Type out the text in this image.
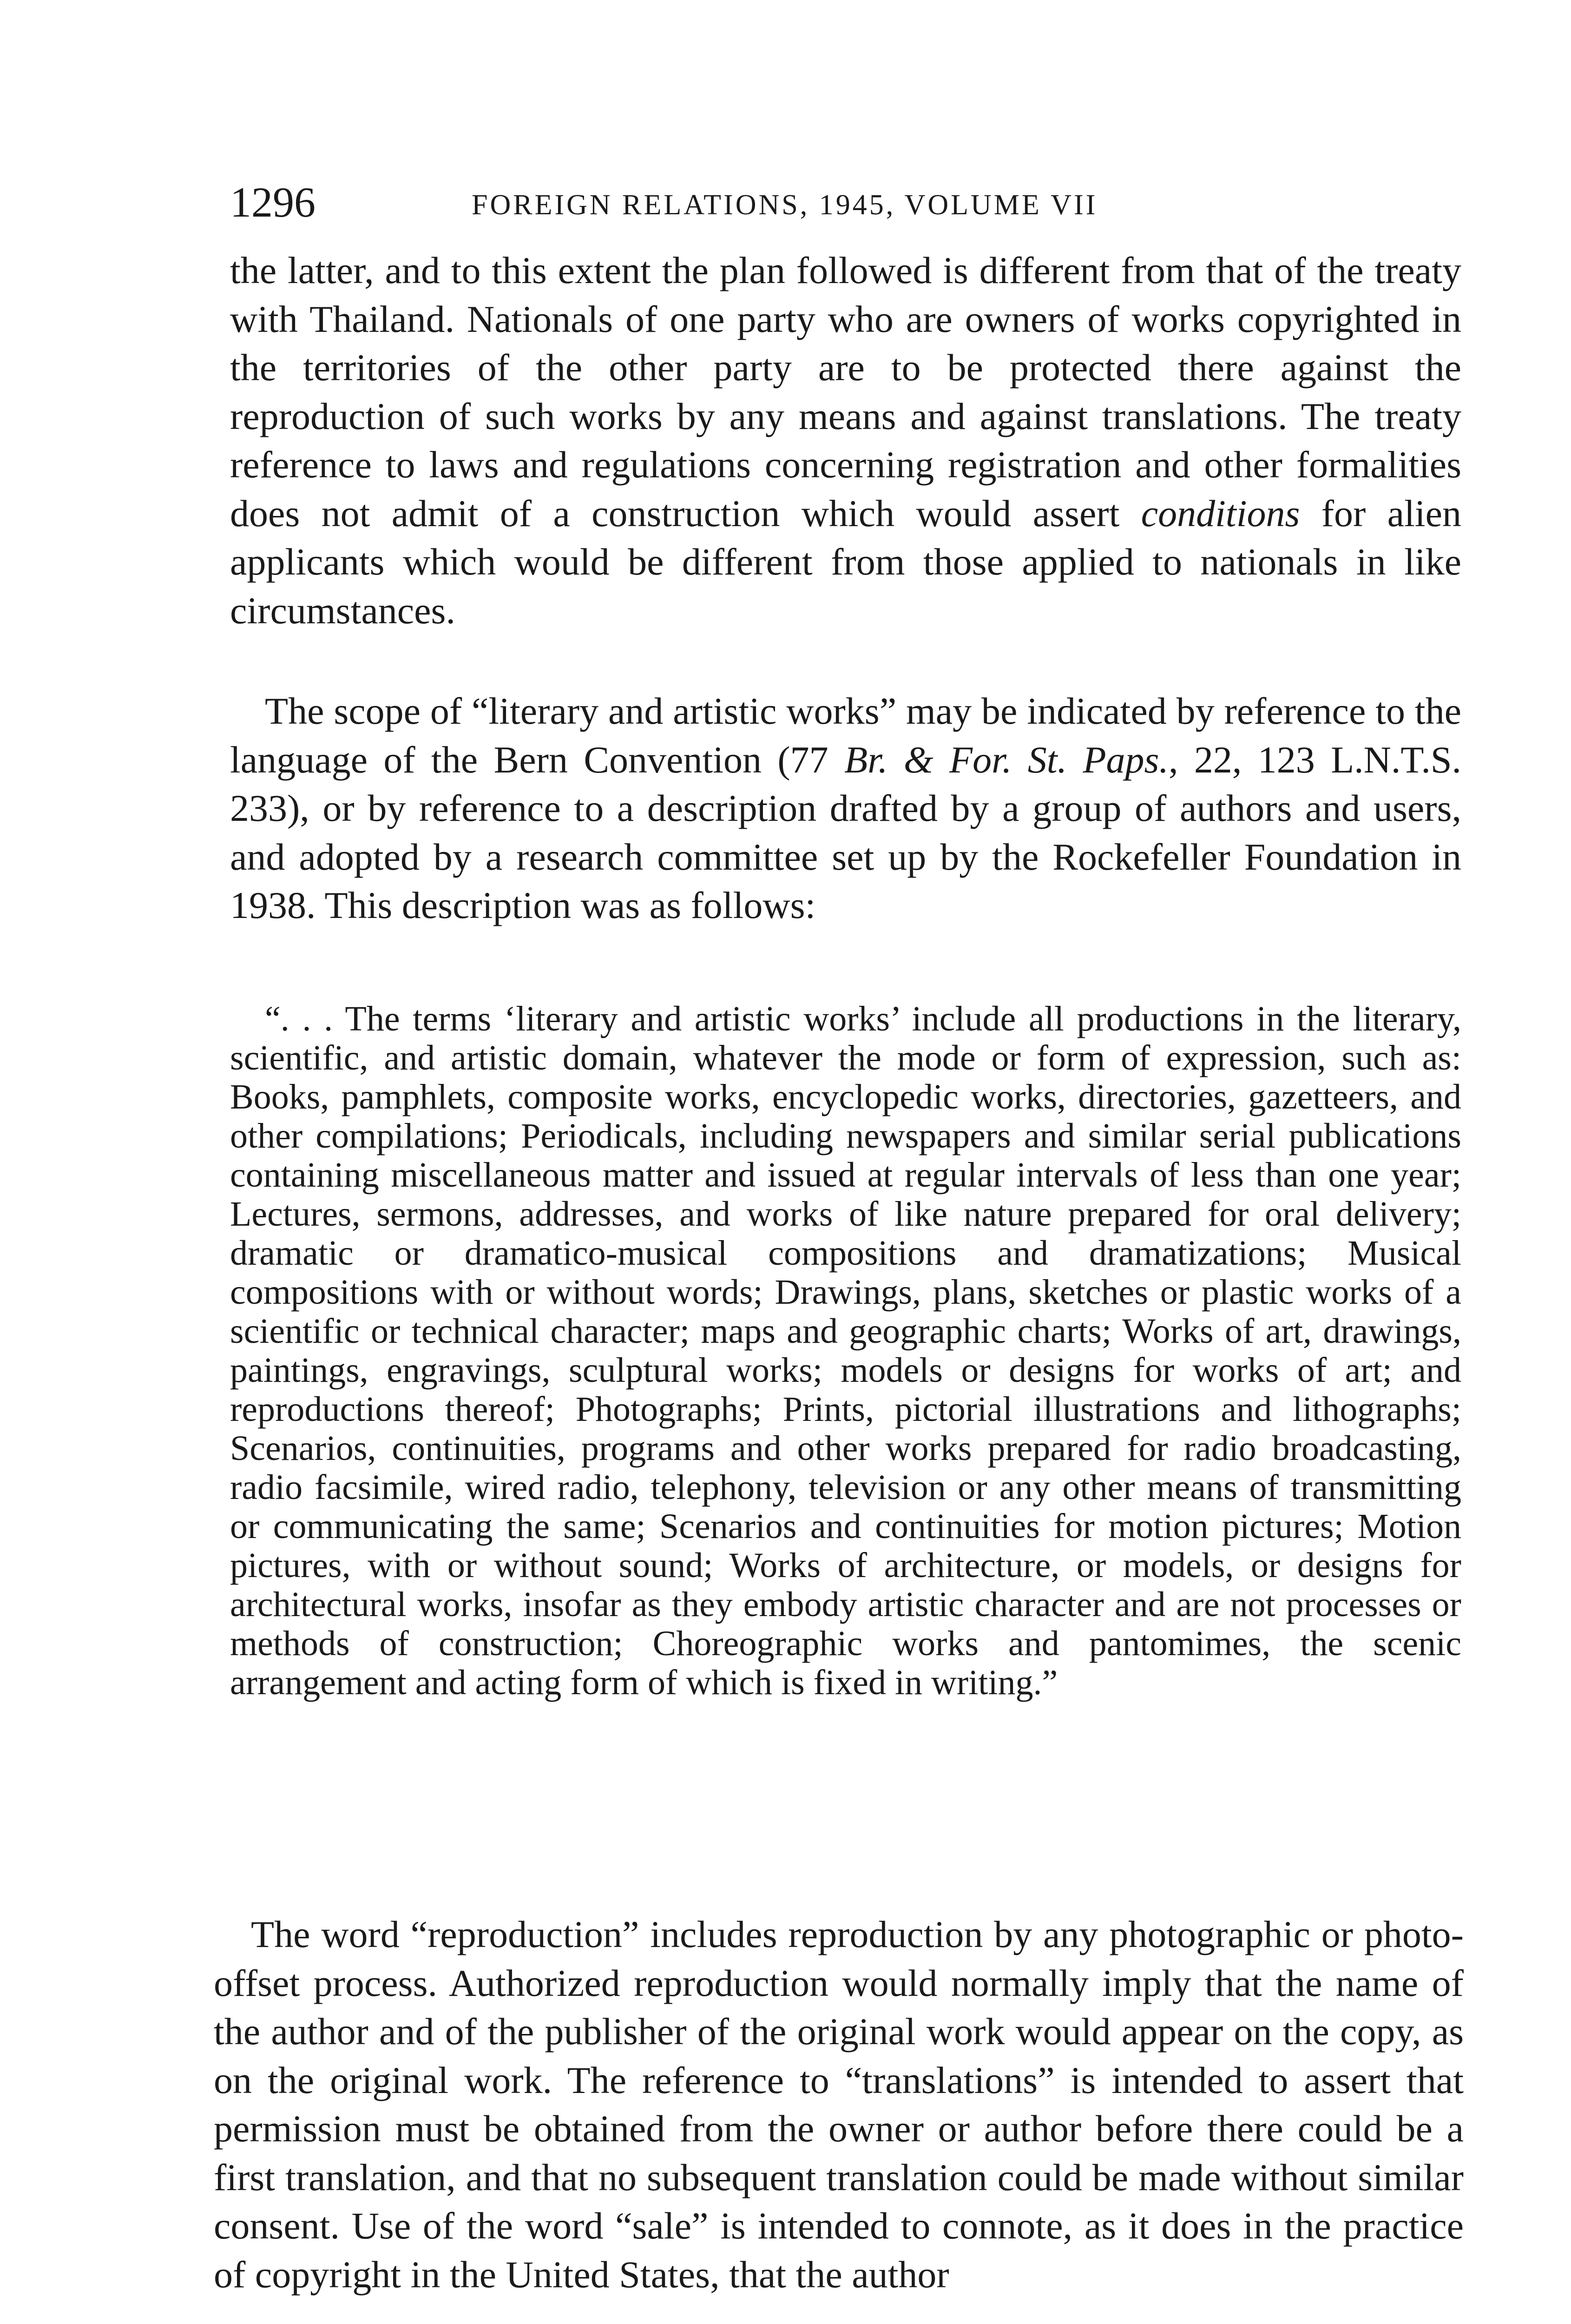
1296	FOREIGN RELATIONS, 1945, VOLUME VII

the latter, and to this extent the plan followed is different from that of the treaty with Thailand. Nationals of one party who are owners of works copyrighted in the territories of the other party are to be protected there against the reproduction of such works by any means and against translations. The treaty reference to laws and regulations concerning registration and other formalities does not admit of a construction which would assert conditions for alien applicants which would be different from those applied to nationals in like circumstances.

The scope of “literary and artistic works” may be indicated by reference to the language of the Bern Convention (77 Br. & For. St. Paps., 22, 123 L.N.T.S. 233), or by reference to a description drafted by a group of authors and users, and adopted by a research committee set up by the Rockefeller Foundation in 1938. This description was as follows:

“. . . The terms ‘literary and artistic works’ include all productions in the literary, scientific, and artistic domain, whatever the mode or form of expression, such as: Books, pamphlets, composite works, encyclopedic works, directories, gazetteers, and other compilations; Periodicals, including newspapers and similar serial publications containing miscellaneous matter and issued at regular intervals of less than one year; Lectures, sermons, addresses, and works of like nature prepared for oral delivery; dramatic or dramatico-musical compositions and dramatizations; Musical compositions with or without words; Drawings, plans, sketches or plastic works of a scientific or technical character; maps and geographic charts; Works of art, drawings, paintings, engravings, sculptural works; models or designs for works of art; and reproductions thereof; Photographs; Prints, pictorial illustrations and lithographs; Scenarios, continuities, programs and other works prepared for radio broadcasting, radio facsimile, wired radio, telephony, television or any other means of transmitting or communicating the same; Scenarios and continuities for motion pictures; Motion pictures, with or without sound; Works of architecture, or models, or designs for architectural works, insofar as they embody artistic character and are not processes or methods of construction; Choreographic works and pantomimes, the scenic arrangement and acting form of which is fixed in writing.”

The word “reproduction” includes reproduction by any photographic or photo-offset process. Authorized reproduction would normally imply that the name of the author and of the publisher of the original work would appear on the copy, as on the original work. The reference to “translations” is intended to assert that permission must be obtained from the owner or author before there could be a first translation, and that no subsequent translation could be made without similar consent. Use of the word “sale” is intended to connote, as it does in the practice of copyright in the United States, that the author
